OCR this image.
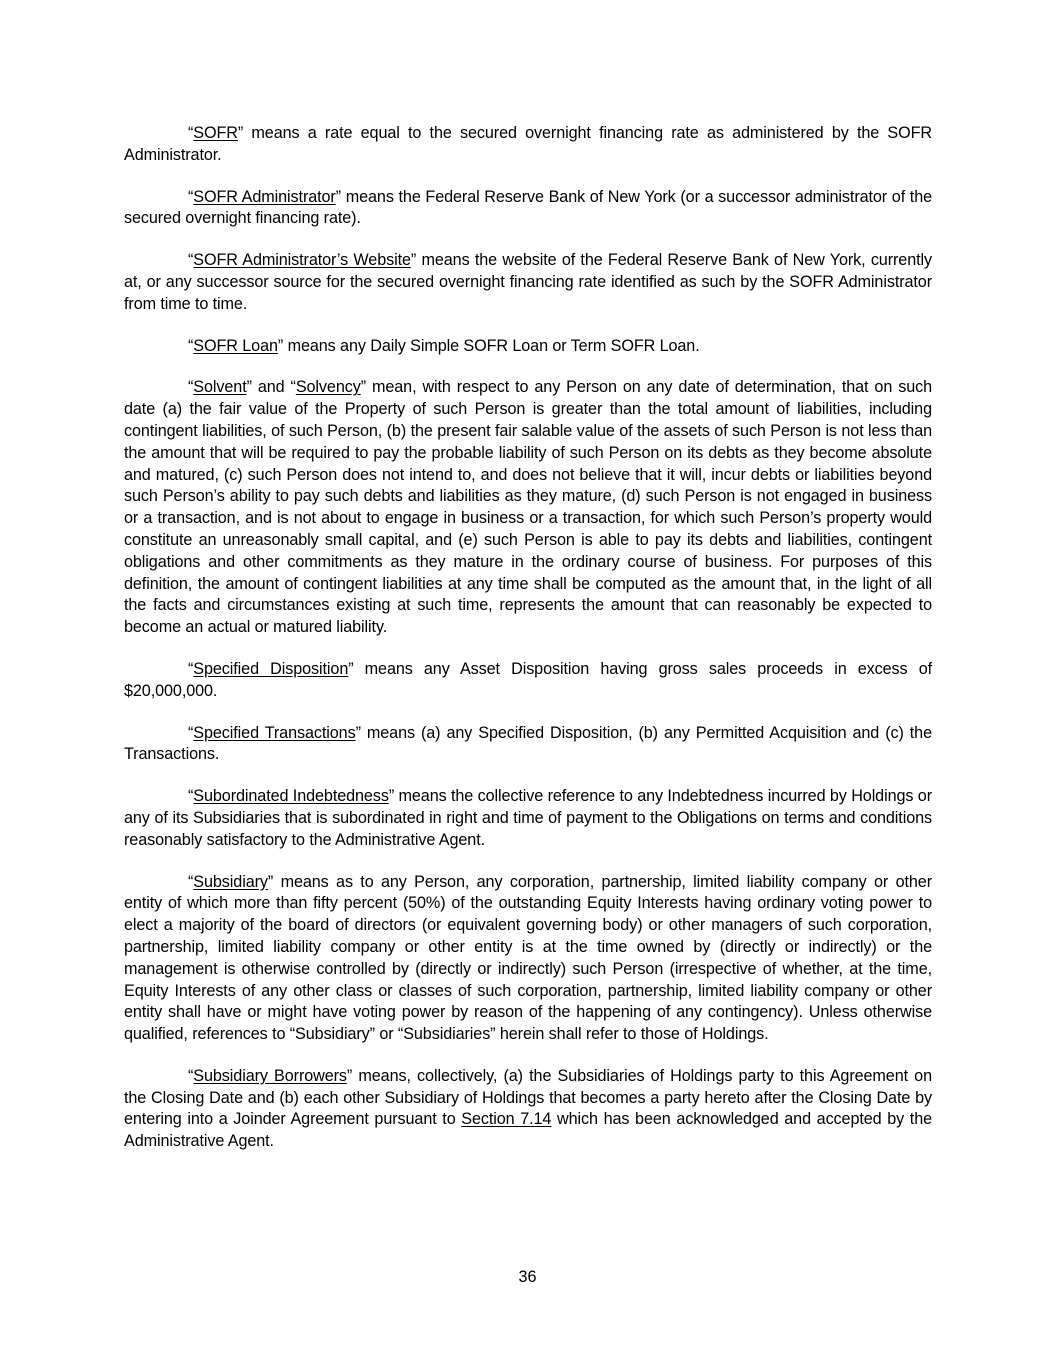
“SOFR” means a rate equal to the secured overnight financing rate as administered by the SOFR Administrator.

“SOFR Administrator” means the Federal Reserve Bank of New York (or a successor administrator of the secured overnight financing rate).

“SOFR Administrator’s Website” means the website of the Federal Reserve Bank of New York, currently at, or any successor source for the secured overnight financing rate identified as such by the SOFR Administrator from time to time.

“SOFR Loan” means any Daily Simple SOFR Loan or Term SOFR Loan.

“Solvent” and “Solvency” mean, with respect to any Person on any date of determination, that on such date (a) the fair value of the Property of such Person is greater than the total amount of liabilities, including contingent liabilities, of such Person, (b) the present fair salable value of the assets of such Person is not less than the amount that will be required to pay the probable liability of such Person on its debts as they become absolute and matured, (c) such Person does not intend to, and does not believe that it will, incur debts or liabilities beyond such Person’s ability to pay such debts and liabilities as they mature, (d) such Person is not engaged in business or a transaction, and is not about to engage in business or a transaction, for which such Person’s property would constitute an unreasonably small capital, and (e) such Person is able to pay its debts and liabilities, contingent obligations and other commitments as they mature in the ordinary course of business. For purposes of this definition, the amount of contingent liabilities at any time shall be computed as the amount that, in the light of all the facts and circumstances existing at such time, represents the amount that can reasonably be expected to become an actual or matured liability.

“Specified Disposition” means any Asset Disposition having gross sales proceeds in excess of $20,000,000.

“Specified Transactions” means (a) any Specified Disposition, (b) any Permitted Acquisition and (c) the Transactions.

“Subordinated Indebtedness” means the collective reference to any Indebtedness incurred by Holdings or any of its Subsidiaries that is subordinated in right and time of payment to the Obligations on terms and conditions reasonably satisfactory to the Administrative Agent.

“Subsidiary” means as to any Person, any corporation, partnership, limited liability company or other entity of which more than fifty percent (50%) of the outstanding Equity Interests having ordinary voting power to elect a majority of the board of directors (or equivalent governing body) or other managers of such corporation, partnership, limited liability company or other entity is at the time owned by (directly or indirectly) or the management is otherwise controlled by (directly or indirectly) such Person (irrespective of whether, at the time, Equity Interests of any other class or classes of such corporation, partnership, limited liability company or other entity shall have or might have voting power by reason of the happening of any contingency). Unless otherwise qualified, references to “Subsidiary” or “Subsidiaries” herein shall refer to those of Holdings.

“Subsidiary Borrowers” means, collectively, (a) the Subsidiaries of Holdings party to this Agreement on the Closing Date and (b) each other Subsidiary of Holdings that becomes a party hereto after the Closing Date by entering into a Joinder Agreement pursuant to Section 7.14 which has been acknowledged and accepted by the Administrative Agent.

36
